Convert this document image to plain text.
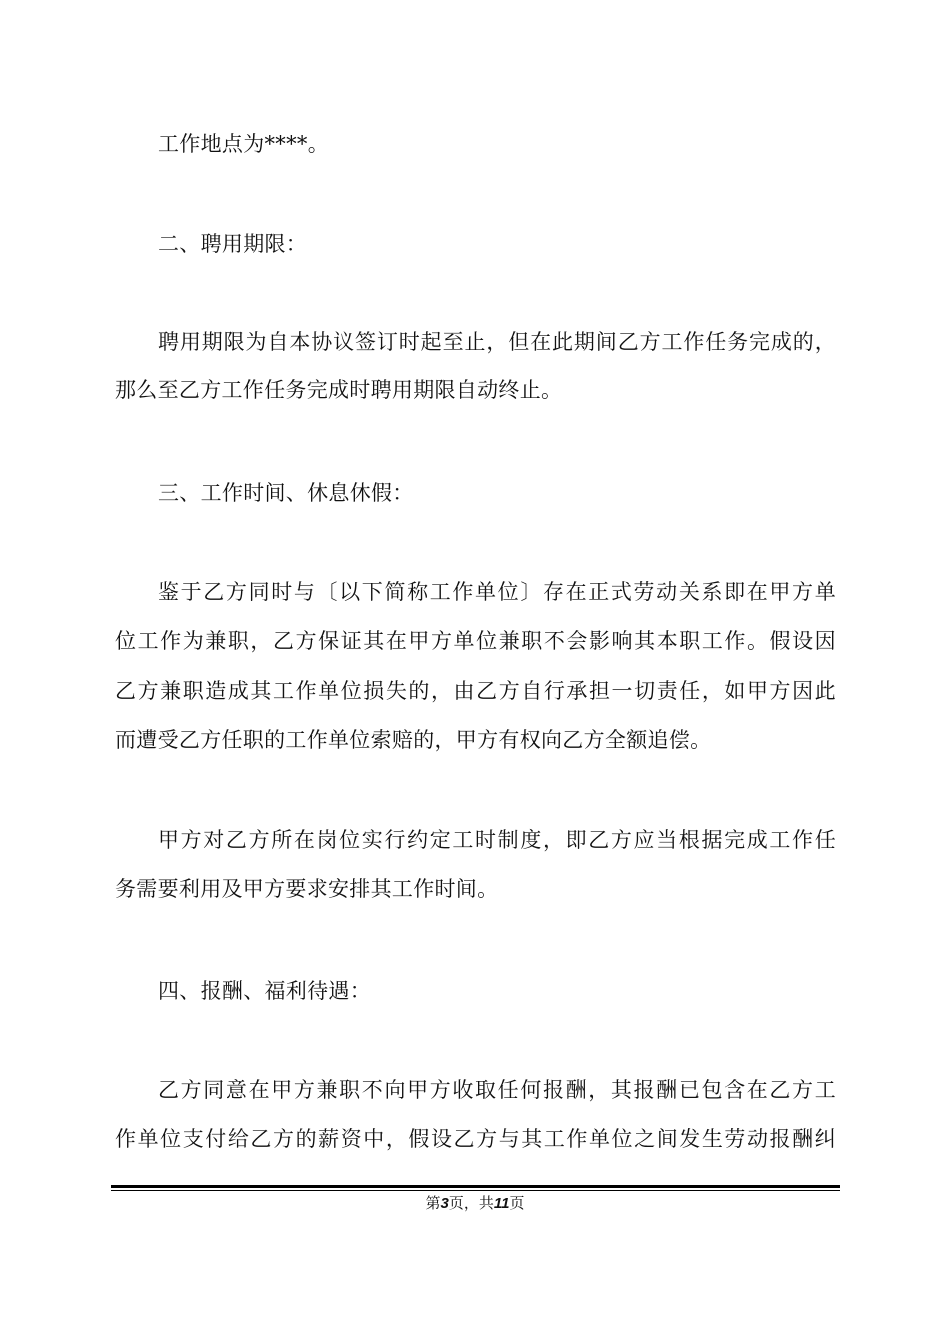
工作地点为****。
二、聘用期限：
聘用期限为自本协议签订时起至止，但在此期间乙方工作任务完成的，
那么至乙方工作任务完成时聘用期限自动终止。
三、工作时间、休息休假：
鉴于乙方同时与〔以下简称工作单位〕存在正式劳动关系即在甲方单
位工作为兼职，乙方保证其在甲方单位兼职不会影响其本职工作。假设因
乙方兼职造成其工作单位损失的，由乙方自行承担一切责任，如甲方因此
而遭受乙方任职的工作单位索赔的，甲方有权向乙方全额追偿。
甲方对乙方所在岗位实行约定工时制度，即乙方应当根据完成工作任
务需要利用及甲方要求安排其工作时间。
四、报酬、福利待遇：
乙方同意在甲方兼职不向甲方收取任何报酬，其报酬已包含在乙方工
作单位支付给乙方的薪资中，假设乙方与其工作单位之间发生劳动报酬纠
第3页，共11页
